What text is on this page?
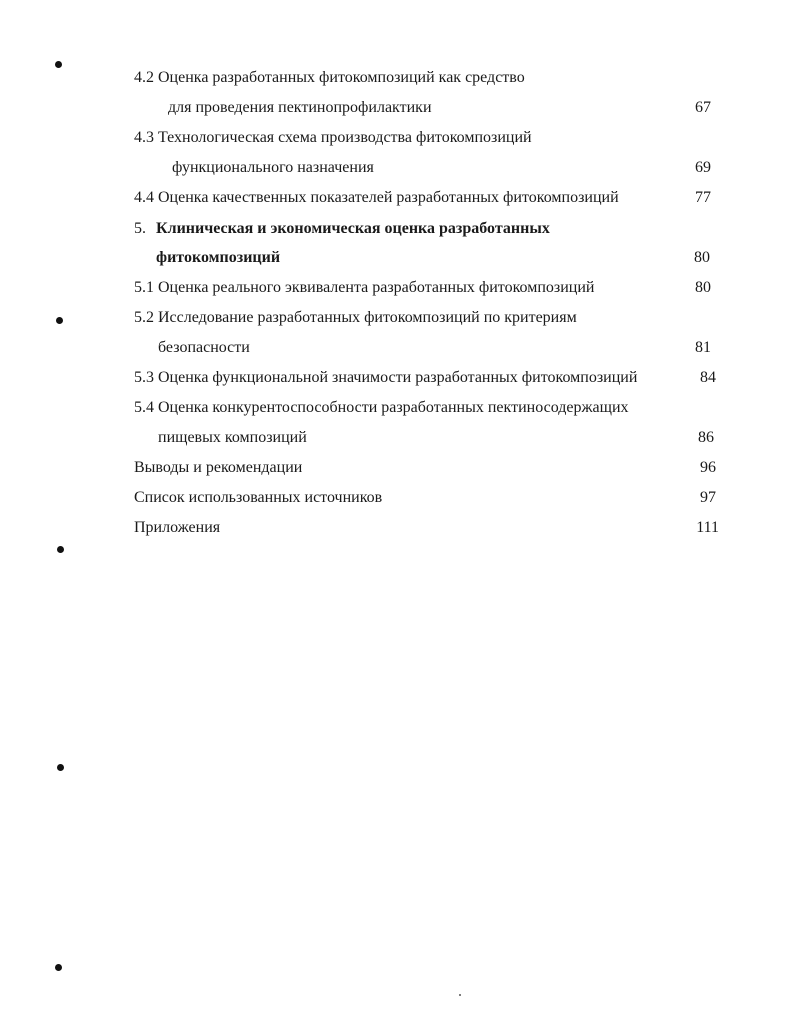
4.2 Оценка разработанных фитокомпозиций как средство
для проведения пектинопрофилактики	67
4.3 Технологическая схема производства фитокомпозиций
функционального назначения	69
4.4 Оценка качественных показателей разработанных фитокомпозиций	77
5. Клиническая и экономическая оценка разработанных
фитокомпозиций	80
5.1 Оценка реального эквивалента разработанных фитокомпозиций	80
5.2 Исследование разработанных фитокомпозиций по критериям
безопасности	81
5.3 Оценка функциональной значимости разработанных фитокомпозиций	84
5.4 Оценка конкурентоспособности разработанных пектиносодержащих
пищевых композиций	86
Выводы и рекомендации	96
Список использованных источников	97
Приложения	111
